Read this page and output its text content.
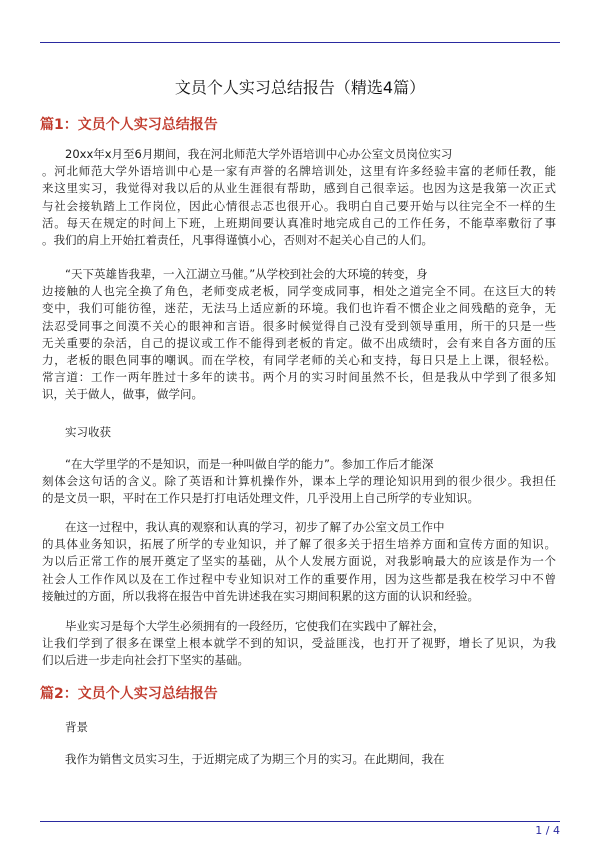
文员个人实习总结报告（精选4篇）
篇1：文员个人实习总结报告
20xx年x月至6月期间，我在河北师范大学外语培训中心办公室文员岗位实习
。河北师范大学外语培训中心是一家有声誉的名牌培训处，这里有许多经验丰富的老师任教，能
来这里实习，我觉得对我以后的从业生涯很有帮助，感到自己很幸运。也因为这是我第一次正式
与社会接轨踏上工作岗位，因此心情很忐忑也很开心。我明白自己要开始与以往完全不一样的生
活。每天在规定的时间上下班，上班期间要认真准时地完成自己的工作任务，不能草率敷衍了事
。我们的肩上开始扛着责任，凡事得谨慎小心，否则对不起关心自己的人们。
“天下英雄皆我辈，一入江湖立马催。”从学校到社会的大环境的转变，身
边接触的人也完全换了角色，老师变成老板，同学变成同事，相处之道完全不同。在这巨大的转
变中，我们可能彷徨，迷茫，无法马上适应新的环境。我们也许看不惯企业之间残酷的竞争，无
法忍受同事之间漠不关心的眼神和言语。很多时候觉得自己没有受到领导重用，所干的只是一些
无关重要的杂活，自己的提议或工作不能得到老板的肯定。做不出成绩时，会有来自各方面的压
力，老板的眼色同事的嘲讽。而在学校，有同学老师的关心和支持，每日只是上上课，很轻松。
常言道：工作一两年胜过十多年的读书。两个月的实习时间虽然不长，但是我从中学到了很多知
识，关于做人，做事，做学问。
实习收获
“在大学里学的不是知识，而是一种叫做自学的能力”。参加工作后才能深
刻体会这句话的含义。除了英语和计算机操作外，课本上学的理论知识用到的很少很少。我担任
的是文员一职，平时在工作只是打打电话处理文件，几乎没用上自己所学的专业知识。
在这一过程中，我认真的观察和认真的学习，初步了解了办公室文员工作中
的具体业务知识，拓展了所学的专业知识，并了解了很多关于招生培养方面和宣传方面的知识。
为以后正常工作的展开奠定了坚实的基础，从个人发展方面说，对我影响最大的应该是作为一个
社会人工作作风以及在工作过程中专业知识对工作的重要作用，因为这些都是我在校学习中不曾
接触过的方面，所以我将在报告中首先讲述我在实习期间积累的这方面的认识和经验。
毕业实习是每个大学生必须拥有的一段经历，它使我们在实践中了解社会，
让我们学到了很多在课堂上根本就学不到的知识，受益匪浅，也打开了视野，增长了见识，为我
们以后进一步走向社会打下坚实的基础。
篇2：文员个人实习总结报告
背景
我作为销售文员实习生，于近期完成了为期三个月的实习。在此期间，我在
1 / 4
